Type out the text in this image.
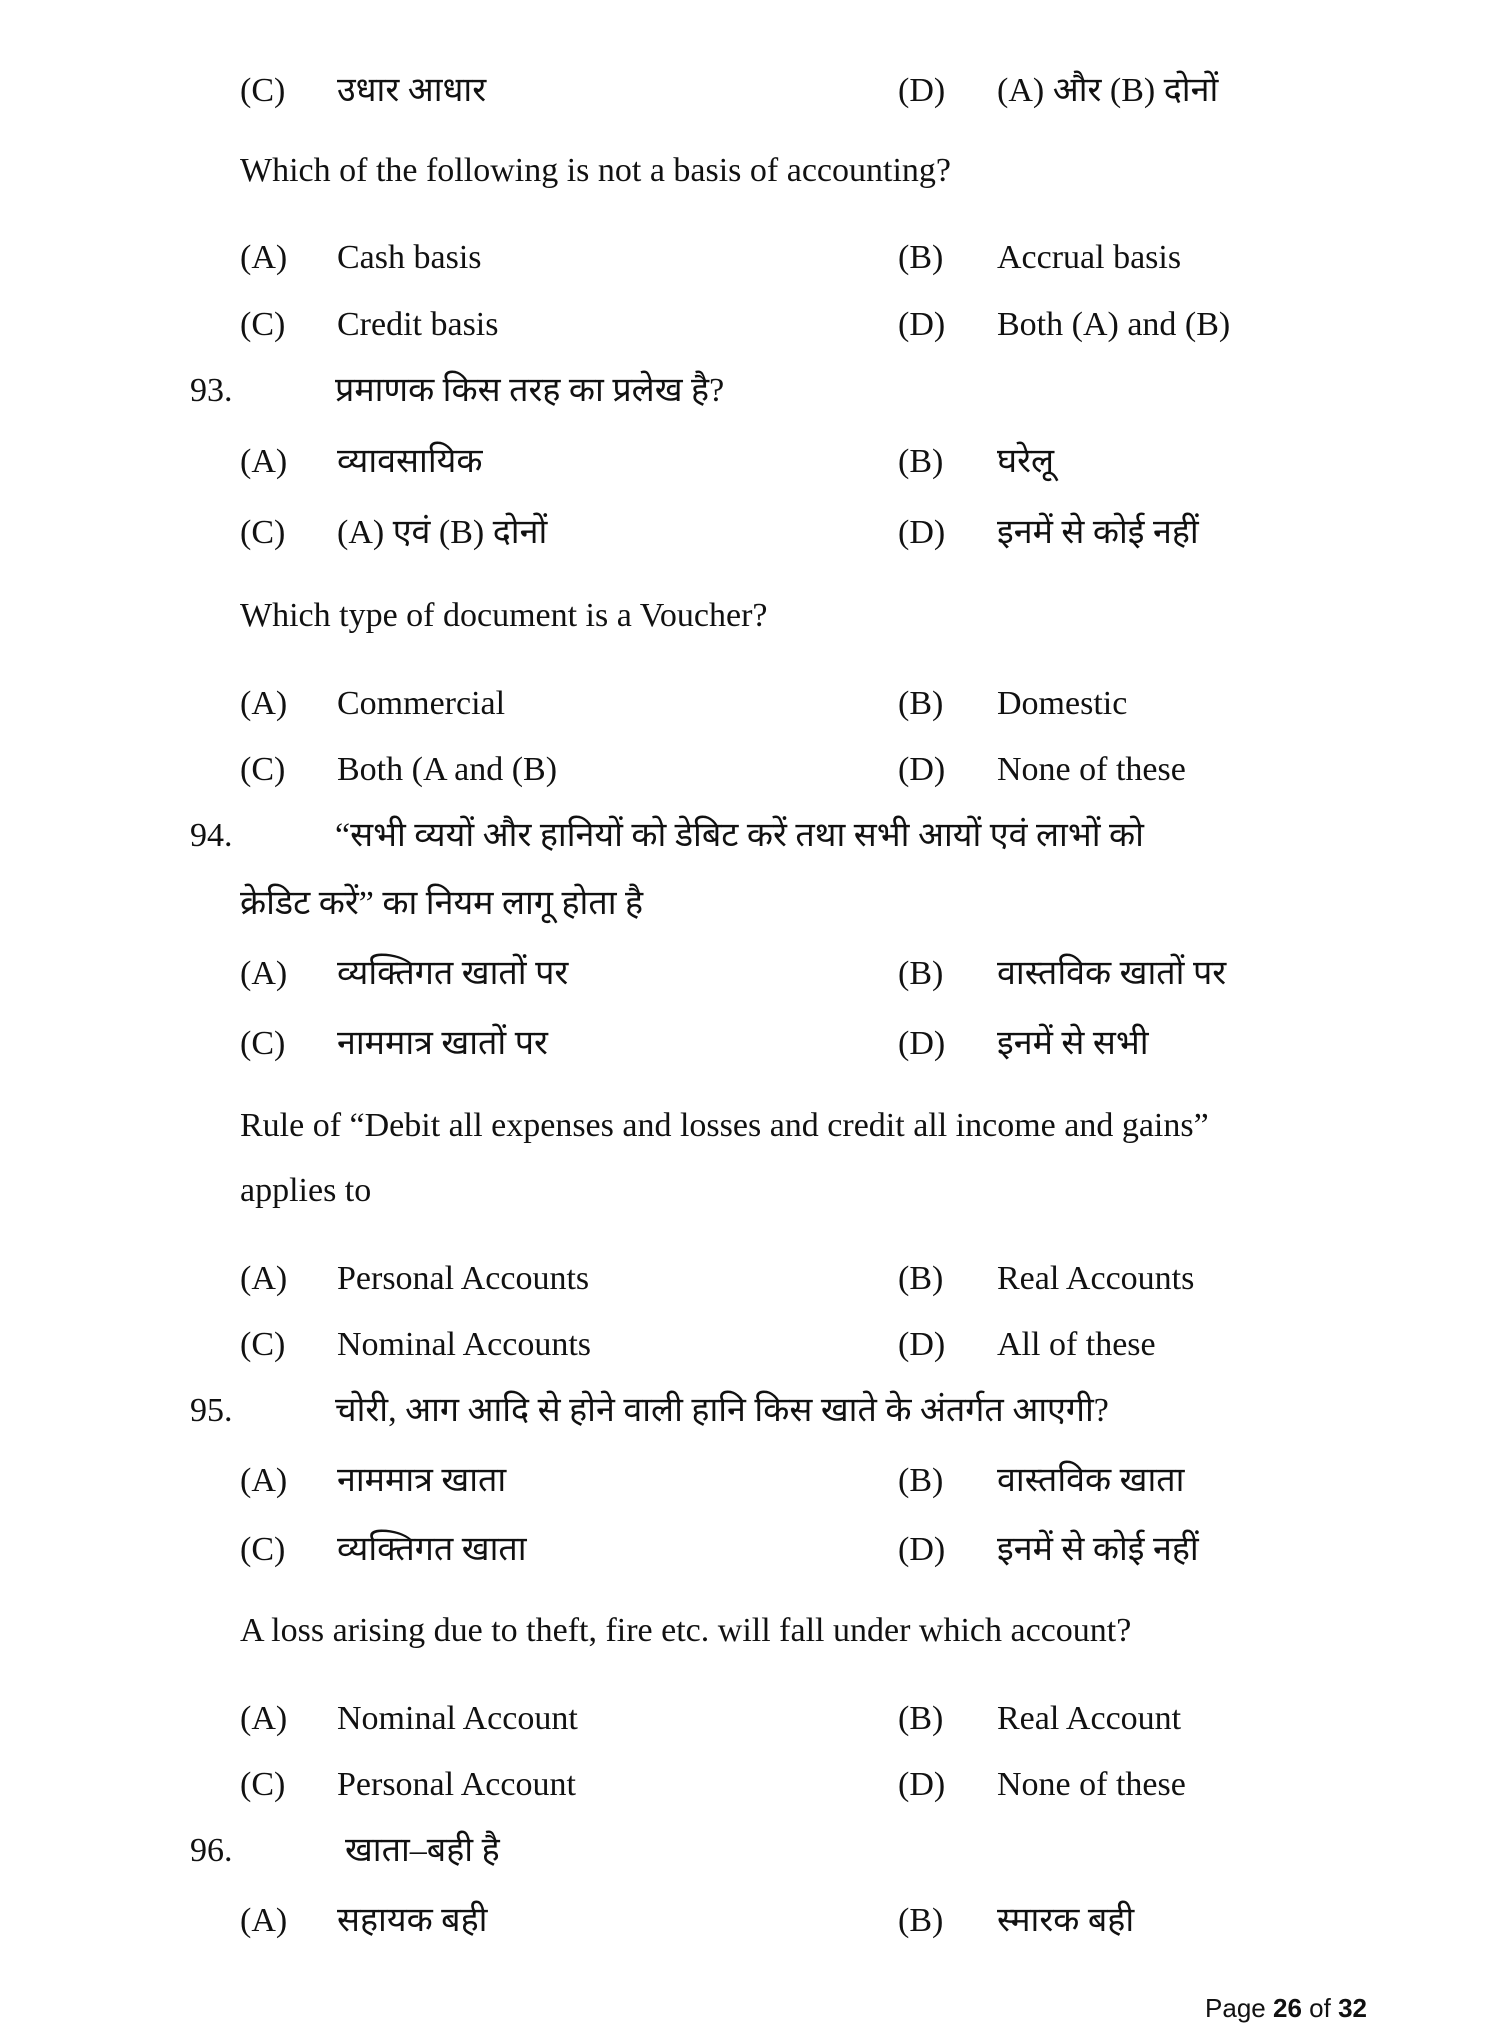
(C) उधार आधार	(D) (A) और (B) दोनों
Which of the following is not a basis of accounting?
(A) Cash basis	(B) Accrual basis
(C) Credit basis	(D) Both (A) and (B)
93.	प्रमाणक किस तरह का प्रलेख है?
(A) व्यावसायिक	(B) घरेलू
(C) (A) एवं (B) दोनों	(D) इनमें से कोई नहीं
Which type of document is a Voucher?
(A) Commercial	(B) Domestic
(C) Both (A and (B)	(D) None of these
94.	“सभी व्ययों और हानियों को डेबिट करें तथा सभी आयों एवं लाभों को
क्रेडिट करें” का नियम लागू होता है
(A) व्यक्तिगत खातों पर	(B) वास्तविक खातों पर
(C) नाममात्र खातों पर	(D) इनमें से सभी
Rule of “Debit all expenses and losses and credit all income and gains”
applies to
(A) Personal Accounts	(B) Real Accounts
(C) Nominal Accounts	(D) All of these
95.	चोरी, आग आदि से होने वाली हानि किस खाते के अंतर्गत आएगी?
(A) नाममात्र खाता	(B) वास्तविक खाता
(C) व्यक्तिगत खाता	(D) इनमें से कोई नहीं
A loss arising due to theft, fire etc. will fall under which account?
(A) Nominal Account	(B) Real Account
(C) Personal Account	(D) None of these
96.	खाता–बही है
(A) सहायक बही	(B) स्मारक बही
Page 26 of 32
